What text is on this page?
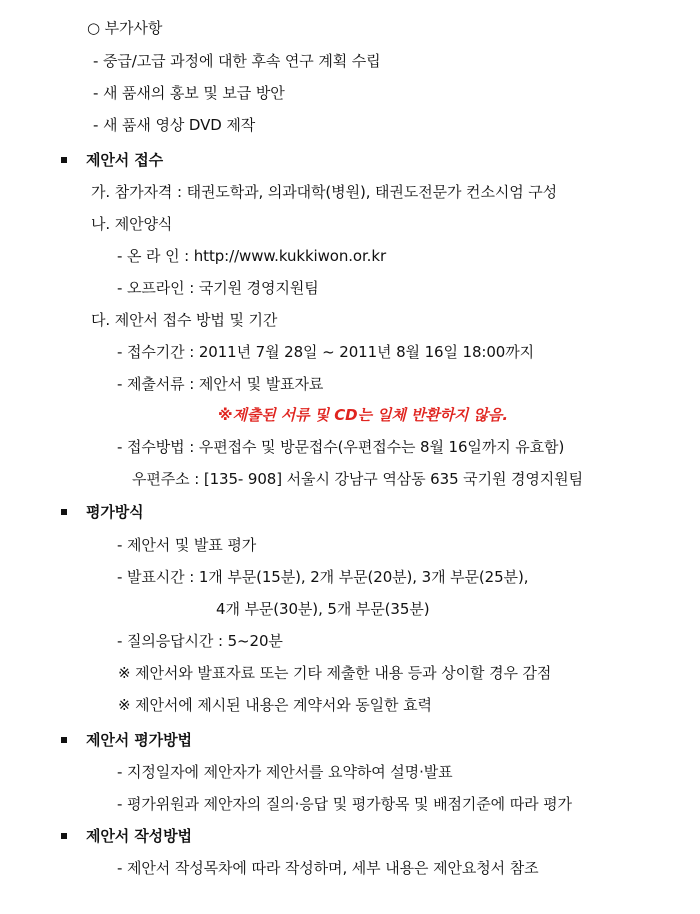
○ 부가사항
- 중급/고급 과정에 대한 후속 연구 계획 수립
- 새 품새의 홍보 및 보급 방안
- 새 품새 영상 DVD 제작
제안서 접수
가. 참가자격 : 태권도학과, 의과대학(병원), 태권도전문가 컨소시엄 구성
나. 제안양식
- 온 라 인 : http://www.kukkiwon.or.kr
- 오프라인 : 국기원 경영지원팀
다. 제안서 접수 방법 및 기간
- 접수기간 : 2011년 7월 28일 ~ 2011년 8월 16일 18:00까지
- 제출서류 : 제안서 및 발표자료
※제출된 서류 및 CD는 일체 반환하지 않음.
- 접수방법 : 우편접수 및 방문접수(우편접수는 8월 16일까지 유효함)
우편주소 : [135- 908] 서울시 강남구 역삼동 635 국기원 경영지원팀
평가방식
- 제안서 및 발표 평가
- 발표시간 : 1개 부문(15분), 2개 부문(20분), 3개 부문(25분),
4개 부문(30분), 5개 부문(35분)
- 질의응답시간 : 5~20분
※ 제안서와 발표자료 또는 기타 제출한 내용 등과 상이할 경우 감점
※ 제안서에 제시된 내용은 계약서와 동일한 효력
제안서 평가방법
- 지정일자에 제안자가 제안서를 요약하여 설명·발표
- 평가위원과 제안자의 질의·응답 및 평가항목 및 배점기준에 따라 평가
제안서 작성방법
- 제안서 작성목차에 따라 작성하며, 세부 내용은 제안요청서 참조
